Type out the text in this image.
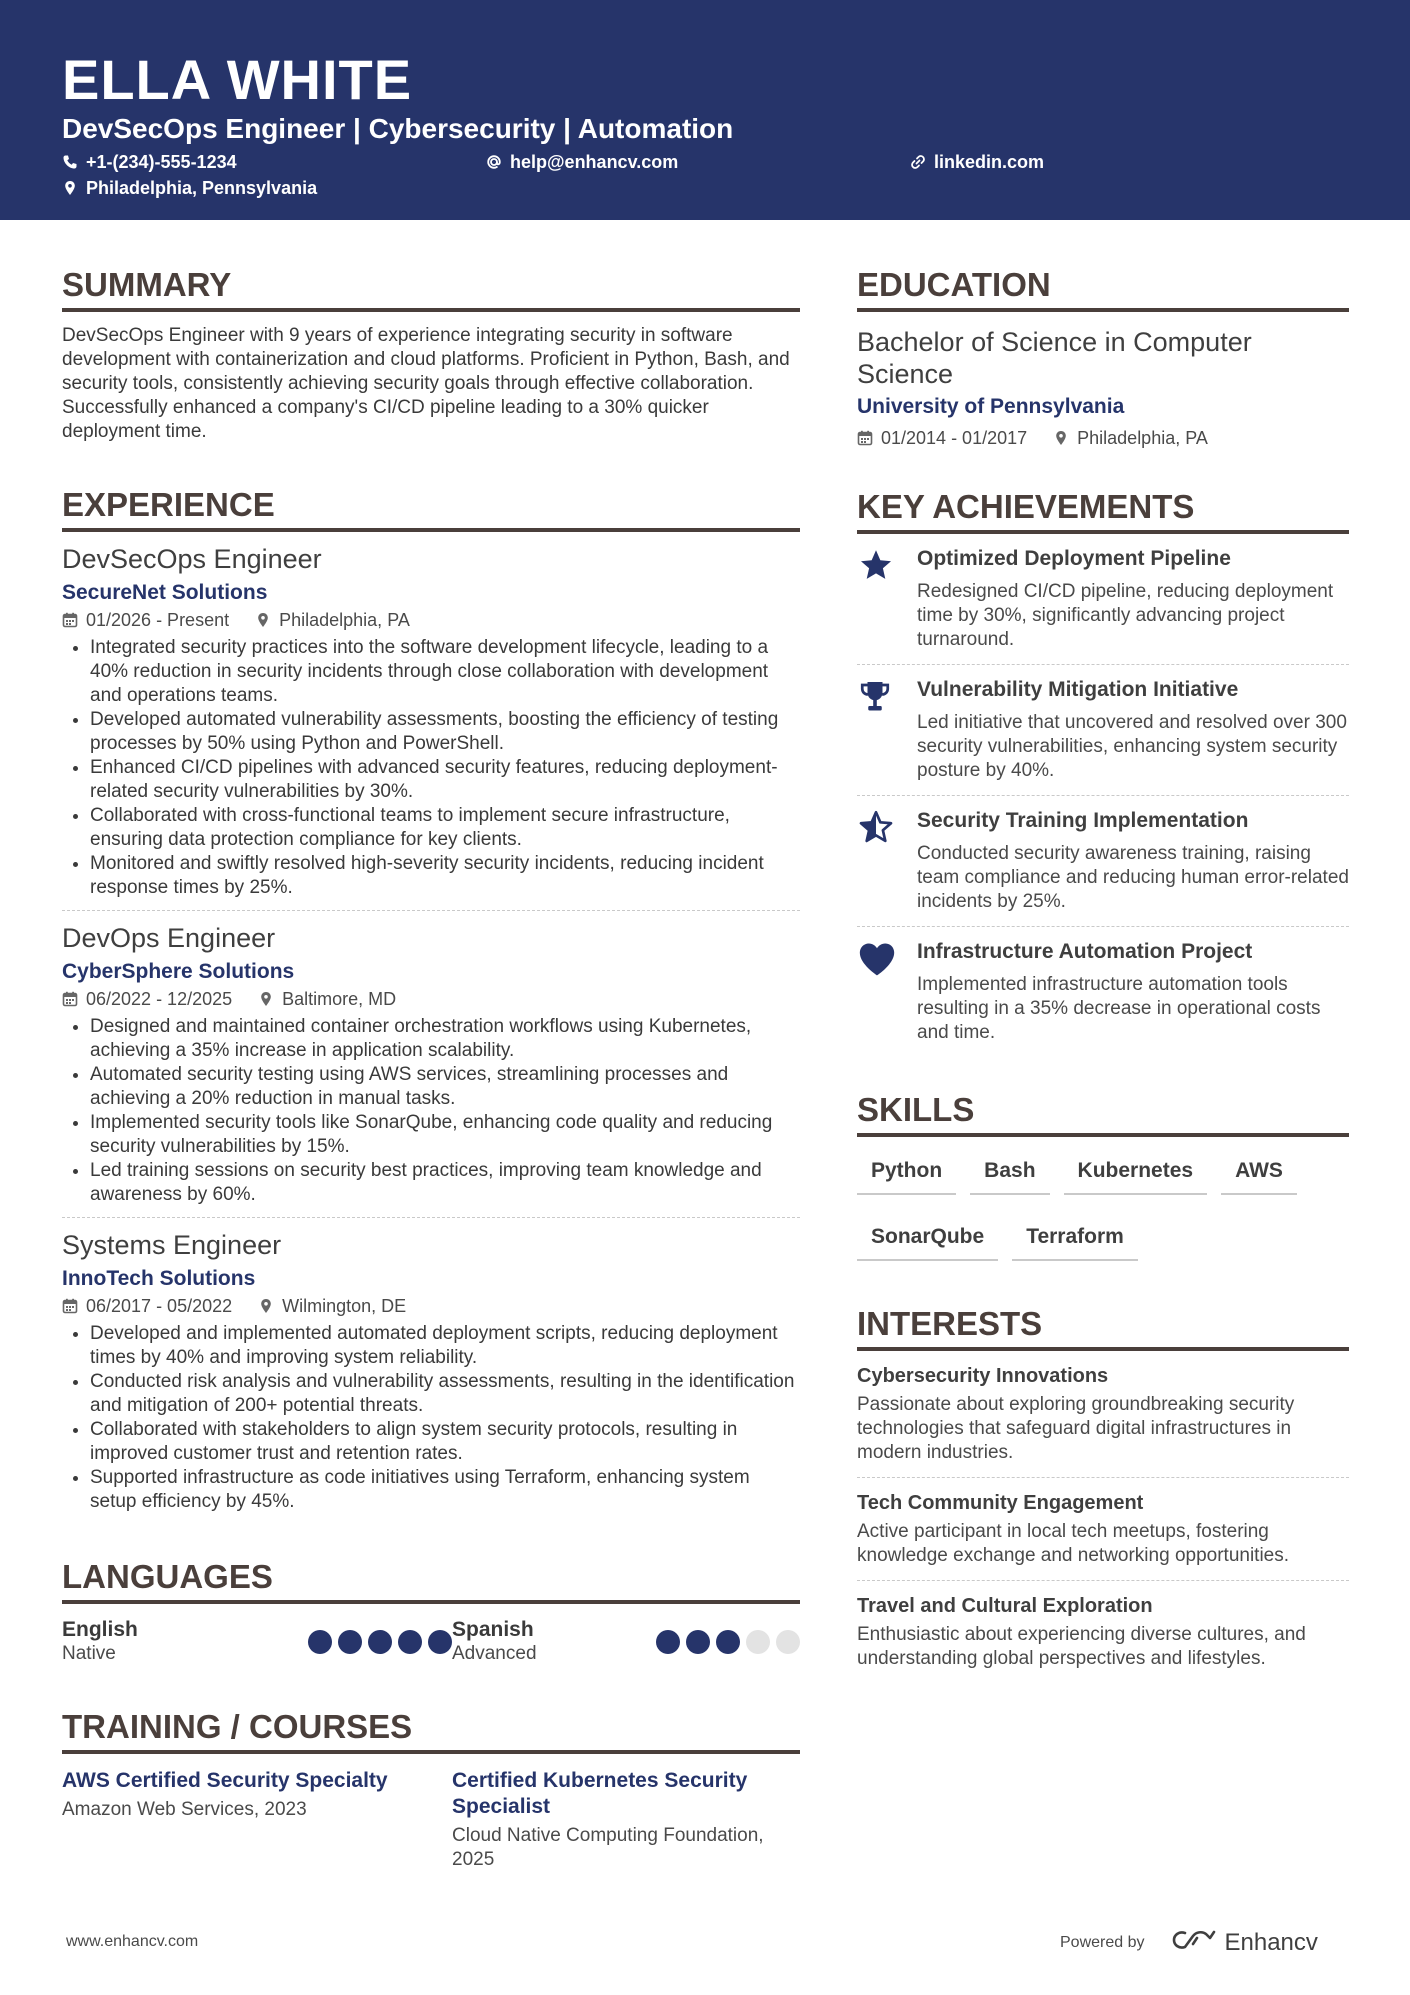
ELLA WHITE
DevSecOps Engineer | Cybersecurity | Automation
+1-(234)-555-1234	help@enhancv.com	linkedin.com
Philadelphia, Pennsylvania
SUMMARY

DevSecOps Engineer with 9 years of experience integrating security in software development with containerization and cloud platforms. Proficient in Python, Bash, and security tools, consistently achieving security goals through effective collaboration. Successfully enhanced a company's CI/CD pipeline leading to a 30% quicker deployment time.

EXPERIENCE

DevSecOps Engineer

SecureNet Solutions

01/2026 - Present	Philadelphia, PA
• Integrated security practices into the software development lifecycle, leading to a 40% reduction in security incidents through close collaboration with development and operations teams.
• Developed automated vulnerability assessments, boosting the efficiency of testing processes by 50% using Python and PowerShell.
• Enhanced CI/CD pipelines with advanced security features, reducing deployment-related security vulnerabilities by 30%.
• Collaborated with cross-functional teams to implement secure infrastructure, ensuring data protection compliance for key clients.
• Monitored and swiftly resolved high-severity security incidents, reducing incident response times by 25%.

DevOps Engineer

CyberSphere Solutions

06/2022 - 12/2025	Baltimore, MD
• Designed and maintained container orchestration workflows using Kubernetes, achieving a 35% increase in application scalability.
• Automated security testing using AWS services, streamlining processes and achieving a 20% reduction in manual tasks.
• Implemented security tools like SonarQube, enhancing code quality and reducing security vulnerabilities by 15%.
• Led training sessions on security best practices, improving team knowledge and awareness by 60%.

Systems Engineer

InnoTech Solutions

06/2017 - 05/2022	Wilmington, DE
• Developed and implemented automated deployment scripts, reducing deployment times by 40% and improving system reliability.
• Conducted risk analysis and vulnerability assessments, resulting in the identification and mitigation of 200+ potential threats.
• Collaborated with stakeholders to align system security protocols, resulting in improved customer trust and retention rates.
• Supported infrastructure as code initiatives using Terraform, enhancing system setup efficiency by 45%.
LANGUAGES
English
Native
Spanish
Advanced
TRAINING / COURSES

AWS Certified Security Specialty

Amazon Web Services, 2023

Certified Kubernetes Security Specialist

Cloud Native Computing Foundation, 2025

EDUCATION

Bachelor of Science in Computer Science

University of Pennsylvania

01/2014 - 01/2017	Philadelphia, PA
KEY ACHIEVEMENTS

Optimized Deployment Pipeline

Redesigned CI/CD pipeline, reducing deployment time by 30%, significantly advancing project turnaround.

Vulnerability Mitigation Initiative

Led initiative that uncovered and resolved over 300 security vulnerabilities, enhancing system security posture by 40%.

Security Training Implementation

Conducted security awareness training, raising team compliance and reducing human error-related incidents by 25%.

Infrastructure Automation Project

Implemented infrastructure automation tools resulting in a 35% decrease in operational costs and time.

SKILLS
Python	Bash	Kubernetes	AWS
SonarQube	Terraform
INTERESTS

Cybersecurity Innovations

Passionate about exploring groundbreaking security technologies that safeguard digital infrastructures in modern industries.

Tech Community Engagement

Active participant in local tech meetups, fostering knowledge exchange and networking opportunities.

Travel and Cultural Exploration

Enthusiastic about experiencing diverse cultures, and understanding global perspectives and lifestyles.

www.enhancv.com	Powered by	Enhancv
